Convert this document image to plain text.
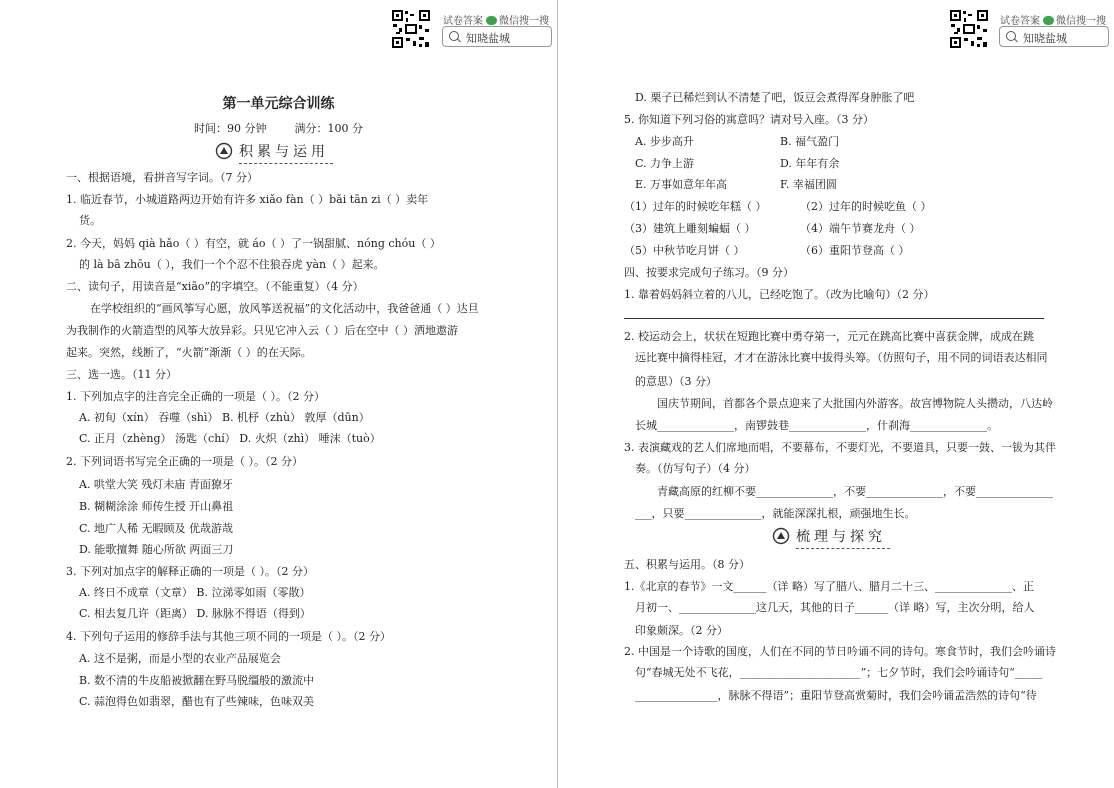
试卷答案 微信搜一搜
知晓盐城
第一单元综合训练
时间：90 分钟        满分：100 分
积累与运用
一、根据语境，看拼音写字词。（7 分）
1. 临近春节，小城道路两边开始有许多 xiǎo fàn（ ）bǎi tān zi（ ）卖年
货。
2. 今天，妈妈 qià hǎo（ ）有空，就 áo（ ）了一锅甜腻、nóng chóu（ ）
的 là bā zhōu（ ），我们一个个忍不住狼吞虎 yàn（ ）起来。
二、读句子，用读音是“xiāo”的字填空。（不能重复）（4 分）
在学校组织的“画风筝写心愿，放风筝送祝福”的文化活动中，我爸爸通（ ）达旦
为我制作的火箭造型的风筝大放异彩。只见它冲入云（ ）后在空中（ ）洒地遨游
起来。突然，线断了，“火箭”渐渐（ ）的在天际。
三、选一选。（11 分）
1. 下列加点字的注音完全正确的一项是（ ）。（2 分）
A. 初旬（xín） 吞噬（shì） B. 机杼（zhù） 敦厚（dūn）
C. 正月（zhèng） 汤匙（chí） D. 火炽（zhì） 唾沫（tuò）
2. 下列词语书写完全正确的一项是（ ）。（2 分）
A. 哄堂大笑 残灯未庙 青面獠牙
B. 糊糊涂涂 师传生授 开山鼻祖
C. 地广人稀 无暇顾及 优哉游哉
D. 能歌擅舞 随心所欲 两面三刀
3. 下列对加点字的解释正确的一项是（ ）。（2 分）
A. 终日不成章（文章） B. 泣涕零如雨（零散）
C. 相去复几许（距离） D. 脉脉不得语（得到）
4. 下列句子运用的修辞手法与其他三项不同的一项是（ ）。（2 分）
A. 这不是粥，而是小型的农业产品展览会
B. 数不清的牛皮船被掀翻在野马脱缰般的激流中
C. 蒜泡得色如翡翠，醋也有了些辣味，色味双美
试卷答案 微信搜一搜
知晓盐城
D. 栗子已稀烂到认不清楚了吧，饭豆会煮得浑身肿胀了吧
5. 你知道下列习俗的寓意吗？请对号入座。（3 分）
A. 步步高升	B. 福气盈门
C. 力争上游	D. 年年有余
E. 万事如意年年高	F. 幸福团圆
（1）过年的时候吃年糕（ ）	（2）过年的时候吃鱼（ ）
（3）建筑上雕刻蝙蝠（ ）	（4）端午节赛龙舟（ ）
（5）中秋节吃月饼（ ）	（6）重阳节登高（ ）
四、按要求完成句子练习。（9 分）
1. 靠着妈妈斜立着的八儿，已经吃饱了。（改为比喻句）（2 分）
2. 校运动会上，状状在短跑比赛中勇夺第一，元元在跳高比赛中喜获金牌，成成在跳
远比赛中摘得桂冠，才才在游泳比赛中拔得头筹。（仿照句子，用不同的词语表达相同
的意思）（3 分）
国庆节期间，首都各个景点迎来了大批国内外游客。故宫博物院人头攒动，八达岭
长城______________，南锣鼓巷______________，什刹海______________。
3. 表演藏戏的艺人们席地而唱，不要幕布，不要灯光，不要道具，只要一鼓、一钹为其伴
奏。（仿写句子）（4 分）
青藏高原的红柳不要______________，不要______________，不要______________
___，只要______________，就能深深扎根，顽强地生长。
梳理与探究
五、积累与运用。（8 分）
1.《北京的春节》一文______（详 略）写了腊八、腊月二十三、______________、正
月初一、______________这几天，其他的日子______（详 略）写，主次分明，给人
印象颇深。（2 分）
2. 中国是一个诗歌的国度，人们在不同的节日吟诵不同的诗句。寒食节时，我们会吟诵诗
句“春城无处不飞花，______________________”；七夕节时，我们会吟诵诗句“_____
_______________，脉脉不得语”；重阳节登高赏菊时，我们会吟诵孟浩然的诗句“待
